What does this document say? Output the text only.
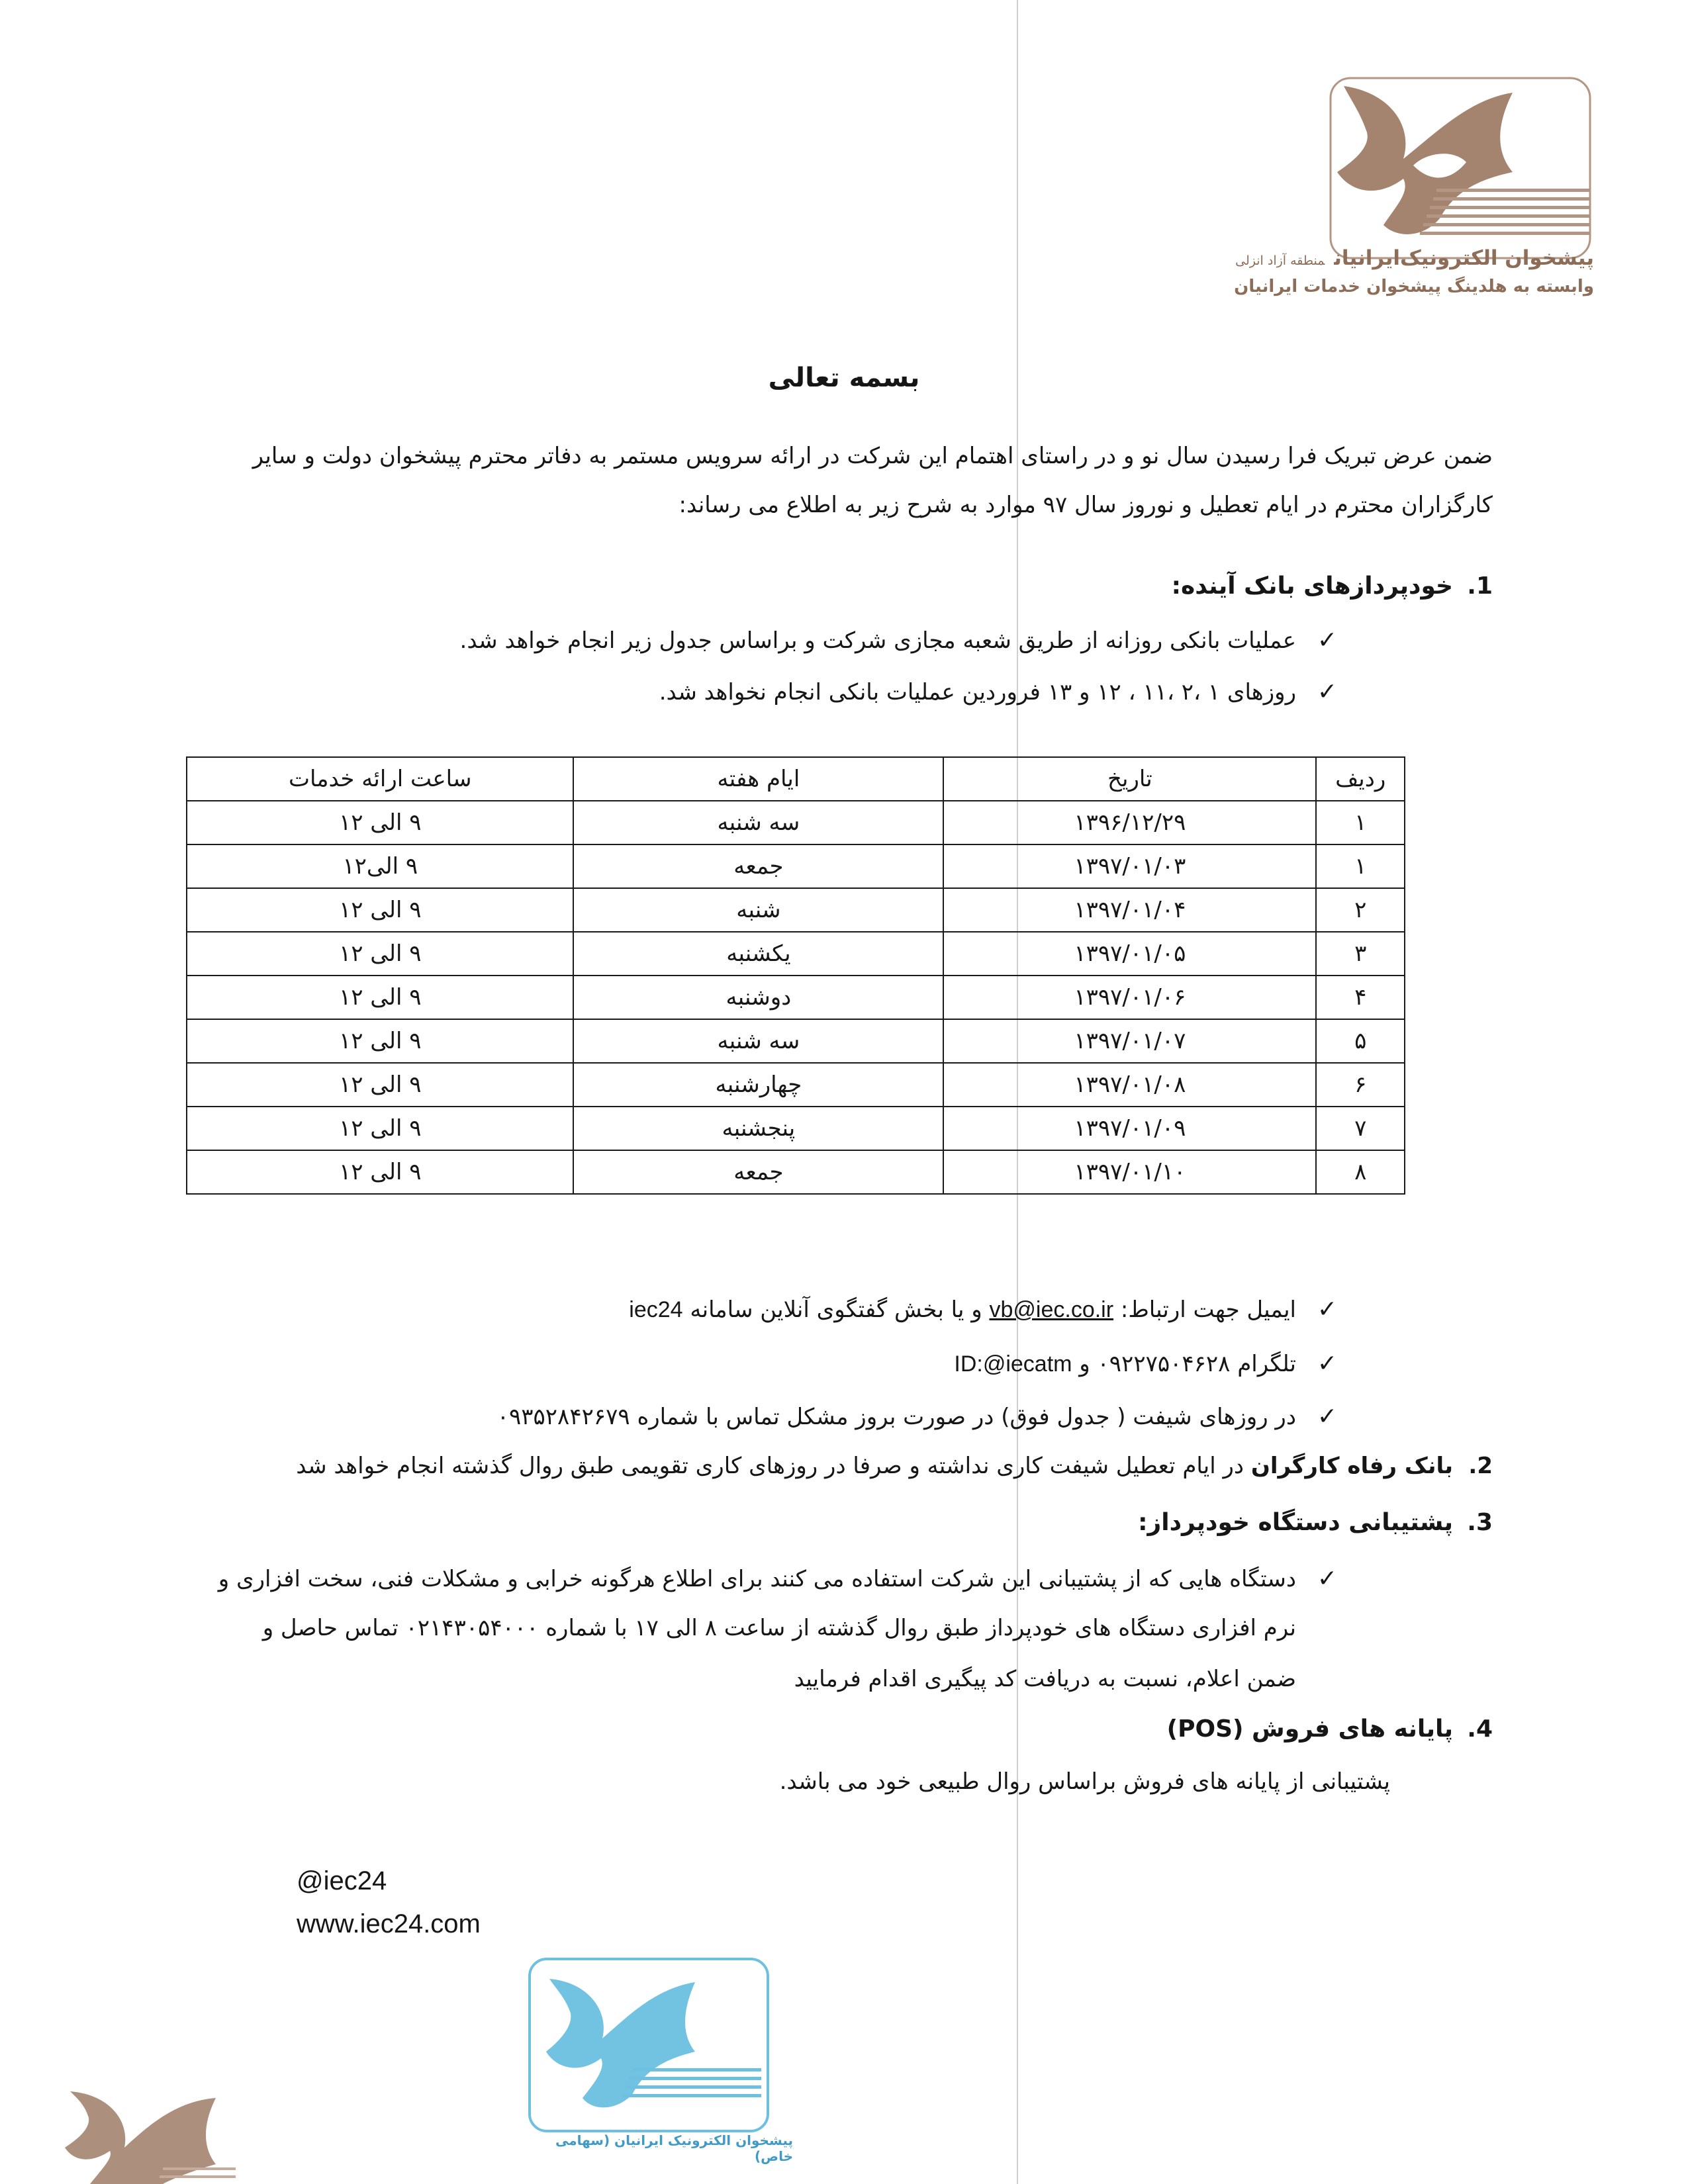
پیشخوان الکترونیک‌ایرانیانمنطقه آزاد انزلی
وابسته به هلدینگ پیشخوان خدمات ایرانیان
بسمه تعالی
ضمن عرض تبریک فرا رسیدن سال نو و در راستای اهتمام این شرکت در ارائه سرویس مستمر به دفاتر محترم پیشخوان دولت و سایر کارگزاران محترم در ایام تعطیل و نوروز سال ۹۷ موارد به شرح زیر به اطلاع می رساند:
1.خودپردازهای بانک آینده:
✓عملیات بانکی روزانه از طریق شعبه مجازی شرکت و براساس جدول زیر انجام خواهد شد.
✓روزهای ۱ ،۲ ،۱۱ ، ۱۲ و ۱۳ فروردین عملیات بانکی انجام نخواهد شد.
ردیف	تاریخ	ایام هفته	ساعت ارائه خدمات
۱	۱۳۹۶/۱۲/۲۹	سه شنبه	۹ الی ۱۲
۱	۱۳۹۷/۰۱/۰۳	جمعه	۹ الی۱۲
۲	۱۳۹۷/۰۱/۰۴	شنبه	۹ الی ۱۲
۳	۱۳۹۷/۰۱/۰۵	یکشنبه	۹ الی ۱۲
۴	۱۳۹۷/۰۱/۰۶	دوشنبه	۹ الی ۱۲
۵	۱۳۹۷/۰۱/۰۷	سه شنبه	۹ الی ۱۲
۶	۱۳۹۷/۰۱/۰۸	چهارشنبه	۹ الی ۱۲
۷	۱۳۹۷/۰۱/۰۹	پنجشنبه	۹ الی ۱۲
۸	۱۳۹۷/۰۱/۱۰	جمعه	۹ الی ۱۲
✓ایمیل جهت ارتباط: vb@iec.co.ir و یا بخش گفتگوی آنلاین سامانه iec24
✓تلگرام ۰۹۲۲۷۵۰۴۶۲۸ و ID:@iecatm
✓در روزهای شیفت ( جدول فوق) در صورت بروز مشکل تماس با شماره ۰۹۳۵۲۸۴۲۶۷۹
2.بانک رفاه کارگران در ایام تعطیل شیفت کاری نداشته و صرفا در روزهای کاری تقویمی طبق روال گذشته انجام خواهد شد
3.پشتیبانی دستگاه خودپرداز:
✓دستگاه هایی که از پشتیبانی این شرکت استفاده می کنند برای اطلاع هرگونه خرابی و مشکلات فنی، سخت افزاری و
نرم افزاری دستگاه های خودپرداز طبق روال گذشته از ساعت ۸ الی ۱۷ با شماره ۰۲۱۴۳۰۵۴۰۰۰ تماس حاصل و
ضمن اعلام، نسبت به دریافت کد پیگیری اقدام فرمایید
4.پایانه های فروش (POS)
پشتیبانی از پایانه های فروش براساس روال طبیعی خود می باشد.
@iec24
www.iec24.com
پیشخوان الکترونیک ایرانیان (سهامی خاص)
